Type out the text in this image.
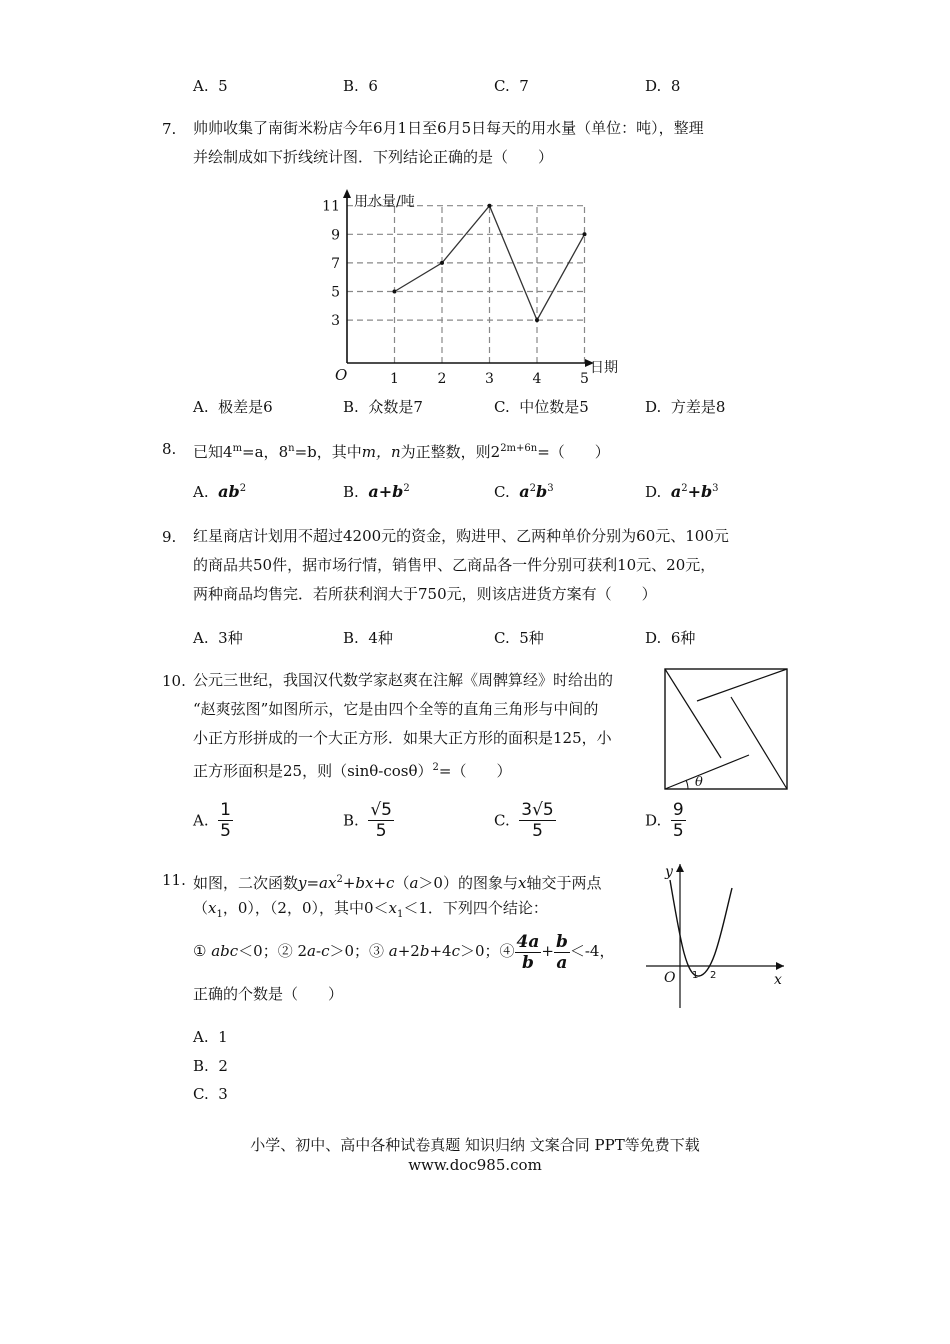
A. 5	B. 6	C. 7	D. 8
7. 帅帅收集了南街米粉店今年6月1日至6月5日每天的用水量（单位：吨），整理
并绘制成如下折线统计图．下列结论正确的是（　　）
3
5
7
9
11
1	2	3	4	5
用水量/吨
日期
O
A. 极差是6	B. 众数是7	C. 中位数是5	D. 方差是8
8. 已知$4^m=a$，$8^n=b$，其中m，n为正整数，则$2^{2m+6n}=$（　　）
A. $ab^2$	B. $a+b^2$	C. $a^2b^3$	D. $a^2+b^3$
9. 红星商店计划用不超过4200元的资金，购进甲、乙两种单价分别为60元、100元
的商品共50件，据市场行情，销售甲、乙商品各一件分别可获利10元、20元，
两种商品均售完．若所获利润大于750元，则该店进货方案有（　　）
A. 3种	B. 4种	C. 5种	D. 6种
10. 公元三世纪，我国汉代数学家赵爽在注解《周髀算经》时给出的
“赵爽弦图”如图所示，它是由四个全等的直角三角形与中间的
小正方形拼成的一个大正方形．如果大正方形的面积是125，小
正方形面积是25，则$(\sin\theta-\cos\theta)^2=$（　　）
θ
A. $\frac{1}{5}$	B. $\frac{√5}{5}$	C. $\frac{3√5}{5}$	D. $\frac{9}{5}$
11. 如图，二次函数$y=ax^2+bx+c(a>0)$的图象与x轴交于两点
（$x_1$，0），（2，0），其中$0<x_1<1$．下列四个结论：
① abc＜0；② 2a-c＞0；③ a+2b+4c＞0；④ $\frac{4a}{b} + \frac{b}{a} <-4$，
正确的个数是（　　）
y
x
O 1 2
A. 1
B. 2
C. 3
小学、初中、高中各种试卷真题 知识归纳 文案合同 PPT等免费下载
www.doc985.com
